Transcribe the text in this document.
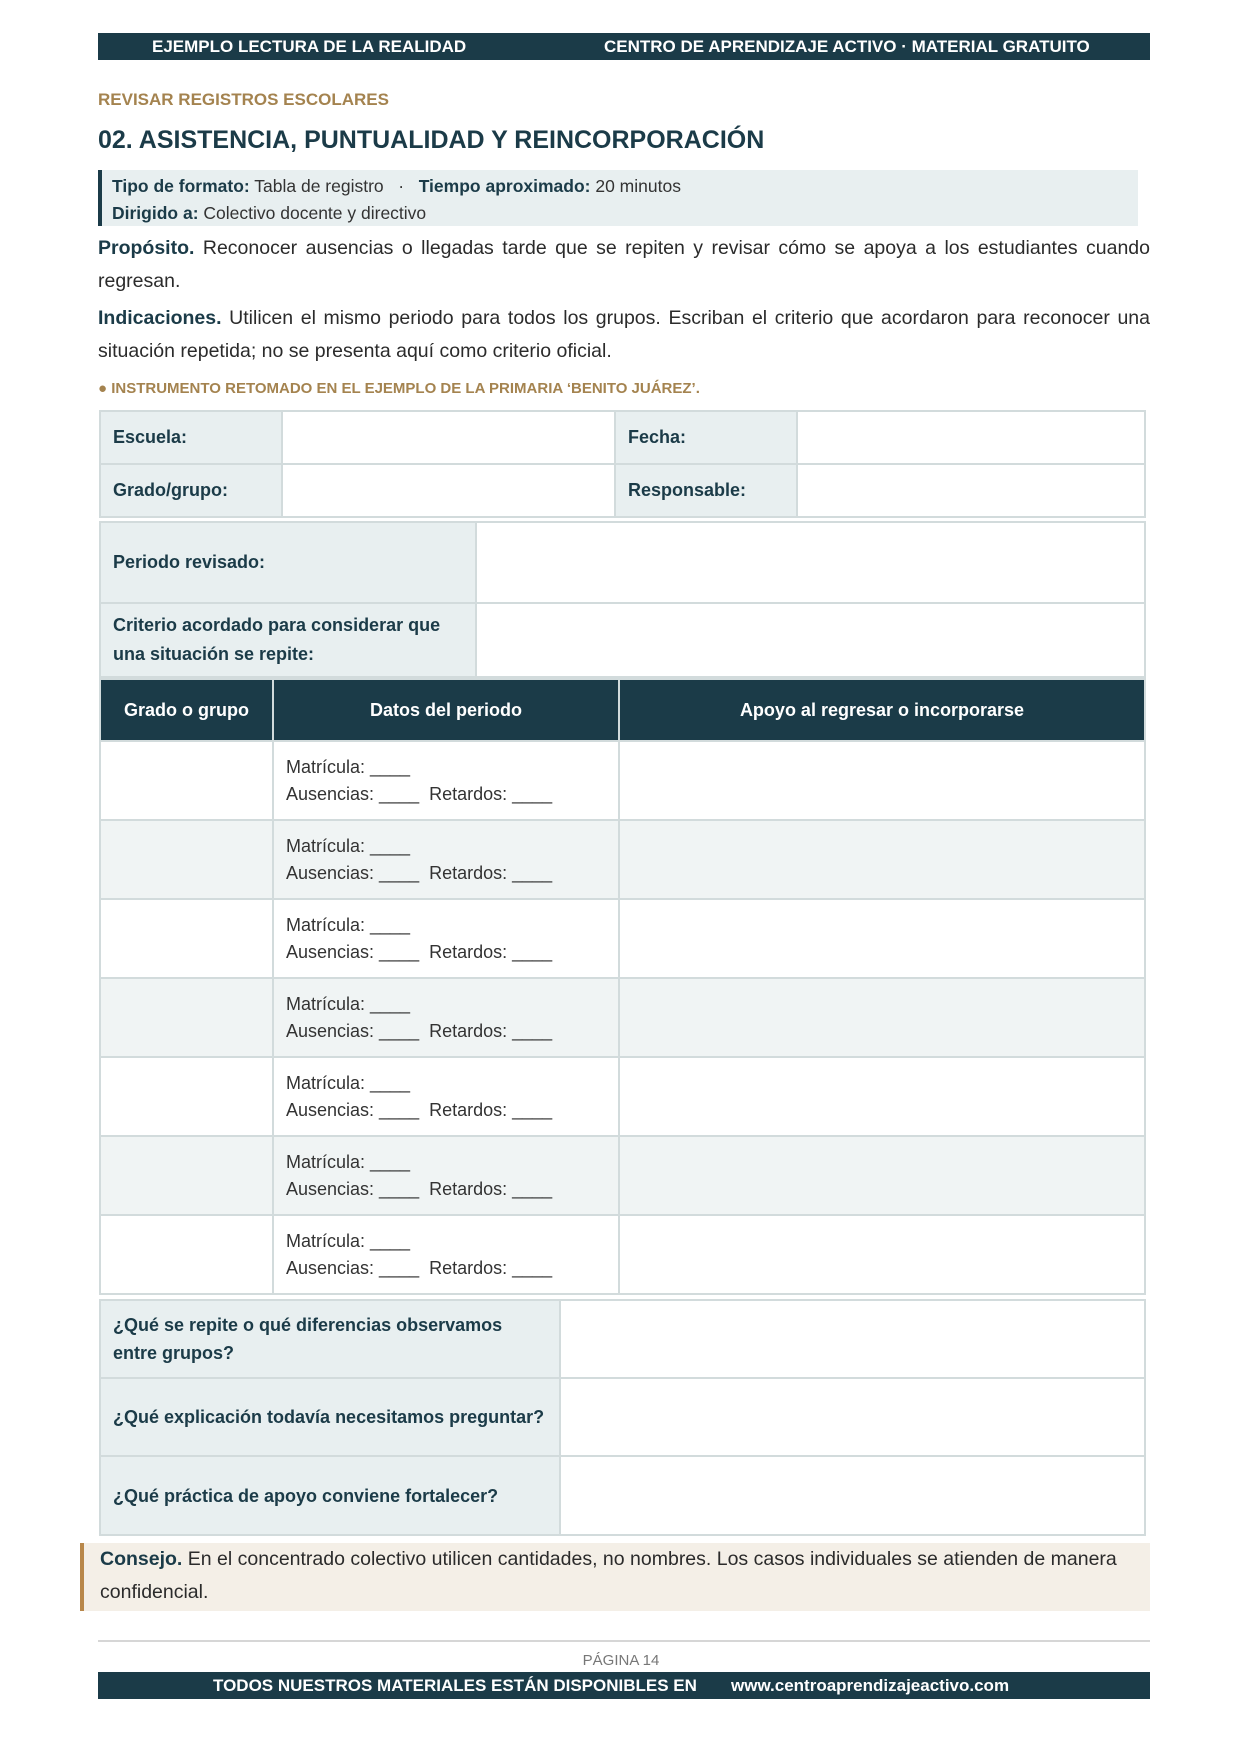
EJEMPLO LECTURA DE LA REALIDAD	CENTRO DE APRENDIZAJE ACTIVO · MATERIAL GRATUITO
REVISAR REGISTROS ESCOLARES
02. ASISTENCIA, PUNTUALIDAD Y REINCORPORACIÓN
Tipo de formato: Tabla de registro · Tiempo aproximado: 20 minutos
Dirigido a: Colectivo docente y directivo
Propósito. Reconocer ausencias o llegadas tarde que se repiten y revisar cómo se apoya a los estudiantes cuando regresan.
Indicaciones. Utilicen el mismo periodo para todos los grupos. Escriban el criterio que acordaron para reconocer una situación repetida; no se presenta aquí como criterio oficial.
● INSTRUMENTO RETOMADO EN EL EJEMPLO DE LA PRIMARIA ‘BENITO JUÁREZ’.
Escuela:		Fecha:	
Grado/grupo:		Responsable:	
Periodo revisado:	
Criterio acordado para considerar que una situación se repite:	
Grado o grupo	Datos del periodo	Apoyo al regresar o incorporarse

	Matrícula: ____
Ausencias: ____ Retardos: ____	

	Matrícula: ____
Ausencias: ____ Retardos: ____	

	Matrícula: ____
Ausencias: ____ Retardos: ____	

	Matrícula: ____
Ausencias: ____ Retardos: ____	

	Matrícula: ____
Ausencias: ____ Retardos: ____	

	Matrícula: ____
Ausencias: ____ Retardos: ____	

	Matrícula: ____
Ausencias: ____ Retardos: ____	

¿Qué se repite o qué diferencias observamos entre grupos?	
¿Qué explicación todavía necesitamos preguntar?	
¿Qué práctica de apoyo conviene fortalecer?	
Consejo. En el concentrado colectivo utilicen cantidades, no nombres. Los casos individuales se atienden de manera confidencial.
PÁGINA 14
TODOS NUESTROS MATERIALES ESTÁN DISPONIBLES EN www.centroaprendizajeactivo.com
